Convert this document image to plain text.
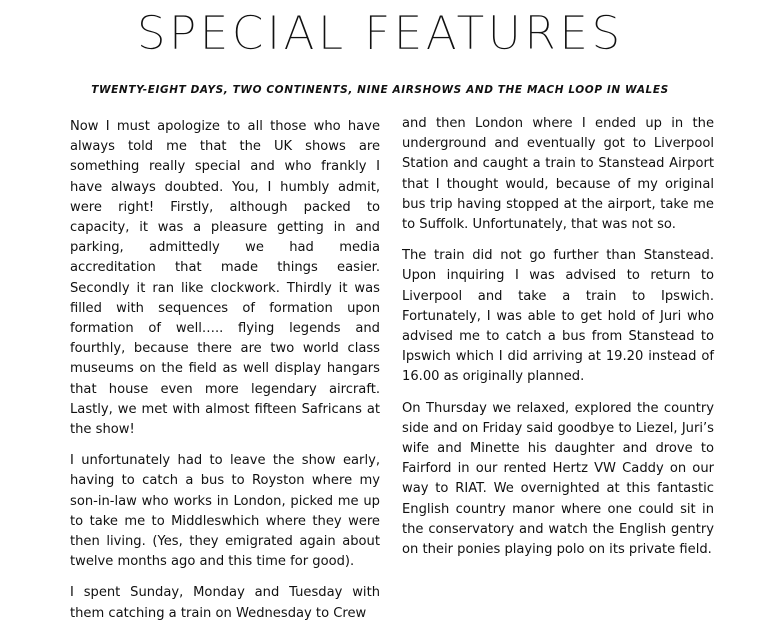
SPECIAL FEATURES
TWENTY-EIGHT DAYS, TWO CONTINENTS, NINE AIRSHOWS AND THE MACH LOOP IN WALES

Now I must apologize to all those who have always told me that the UK shows are something really special and who frankly I have always doubted. You, I humbly admit, were right! Firstly, although packed to capacity, it was a pleasure getting in and parking, admittedly we had media accreditation that made things easier. Secondly it ran like clockwork. Thirdly it was filled with sequences of formation upon formation of well….. flying legends and fourthly, because there are two world class museums on the field as well display hangars that house even more legendary aircraft. Lastly, we met with almost fifteen Safricans at the show!

I unfortunately had to leave the show early, having to catch a bus to Royston where my son-in-law who works in London, picked me up to take me to Middleswhich where they were then living. (Yes, they emigrated again about twelve months ago and this time for good).

I spent Sunday, Monday and Tuesday with them catching a train on Wednesday to Crew

and then London where I ended up in the underground and eventually got to Liverpool Station and caught a train to Stanstead Airport that I thought would, because of my original bus trip having stopped at the airport, take me to Suffolk. Unfortunately, that was not so.

The train did not go further than Stanstead. Upon inquiring I was advised to return to Liverpool and take a train to Ipswich. Fortunately, I was able to get hold of Juri who advised me to catch a bus from Stanstead to Ipswich which I did arriving at 19.20 instead of 16.00 as originally planned.

On Thursday we relaxed, explored the country side and on Friday said goodbye to Liezel, Juri’s wife and Minette his daughter and drove to Fairford in our rented Hertz VW Caddy on our way to RIAT. We overnighted at this fantastic English country manor where one could sit in the conservatory and watch the English gentry on their ponies playing polo on its private field.
